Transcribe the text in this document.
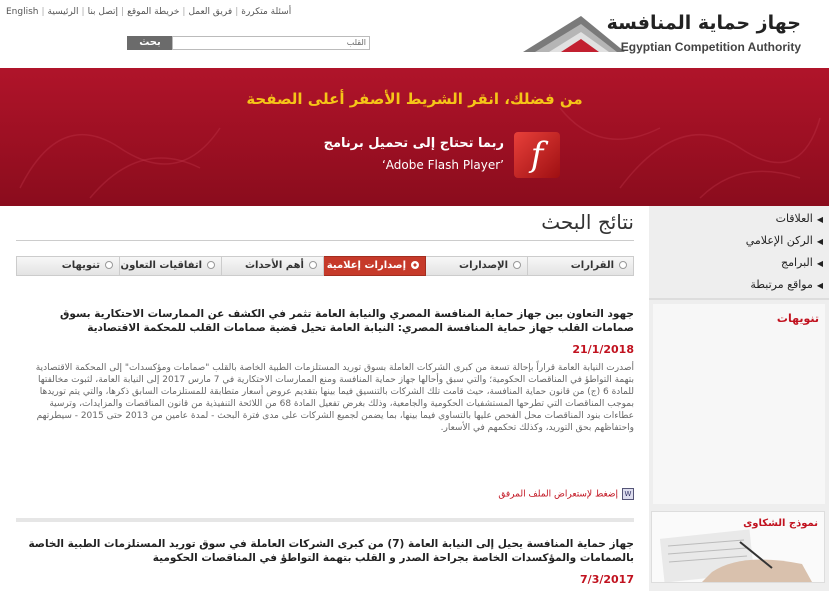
English |	أسئلة متكررة|فريق العمل|خريطة الموقع|إتصل بنا|الرئيسية
بحث	القلب
جهاز حماية المنافسة
Egyptian Competition Authority
من فضلك، انقر الشريط الأصفر أعلى الصفحة
f
ربما تحتاج إلى تحميل برنامج
‘Adobe Flash Player’
◀العلاقات
◀الركن الإعلامي
◀البرامج
◀مواقع مرتبطة
تنويهات
نموذج الشكاوى
نتائج البحث
القرارات
الإصدارات
إصدارات إعلامية
أهم الأحداث
اتفاقيات التعاون
تنويهات
جهود التعاون بين جهاز حماية المنافسة المصري والنيابة العامة تثمر في الكشف عن الممارسات الاحتكارية بسوق صمامات القلب جهاز حماية المنافسة المصري: النيابة العامة تحيل قضية صمامات القلب للمحكمة الاقتصادية
21/1/2018
أصدرت النيابة العامة قراراً بإحالة تسعة من كبرى الشركات العاملة بسوق توريد المستلزمات الطبية الخاصة بالقلب "صمامات ومؤكسدات" إلى المحكمة الاقتصادية بتهمة التواطؤ في المناقصات الحكومية؛ والتي سبق وأحالها جهاز حماية المنافسة ومنع الممارسات الاحتكارية في 7 مارس 2017 إلى النيابة العامة، لثبوت مخالفتها للمادة 6 (ج) من قانون حماية المنافسة، حيث قامت تلك الشركات بالتنسيق فيما بينها بتقديم عروض أسعار متطابقة للمستلزمات السابق ذكرها، والتي يتم توريدها بموجب المناقصات التي تطرحها المستشفيات الحكومية والجامعية، وذلك بغرض تفعيل المادة 68 من اللائحة التنفيذية من قانون المناقصات والمزايدات، وترسية عطاءات بنود المناقصات محل الفحص عليها بالتساوي فيما بينها، بما يضمن لجميع الشركات على مدى فترة البحث - لمدة عامين من 2013 حتى 2015 - سيطرتهم واحتفاظهم بحق التوريد، وكذلك تحكمهم في الأسعار.
Wإضغط لإستعراض الملف المرفق
جهاز حماية المنافسة يحيل إلى النيابة العامة (7) من كبرى الشركات العاملة في سوق توريد المستلزمات الطبية الخاصة بالصمامات والمؤكسدات الخاصة بجراحة الصدر و القلب بتهمة التواطؤ في المناقصات الحكومية
7/3/2017
